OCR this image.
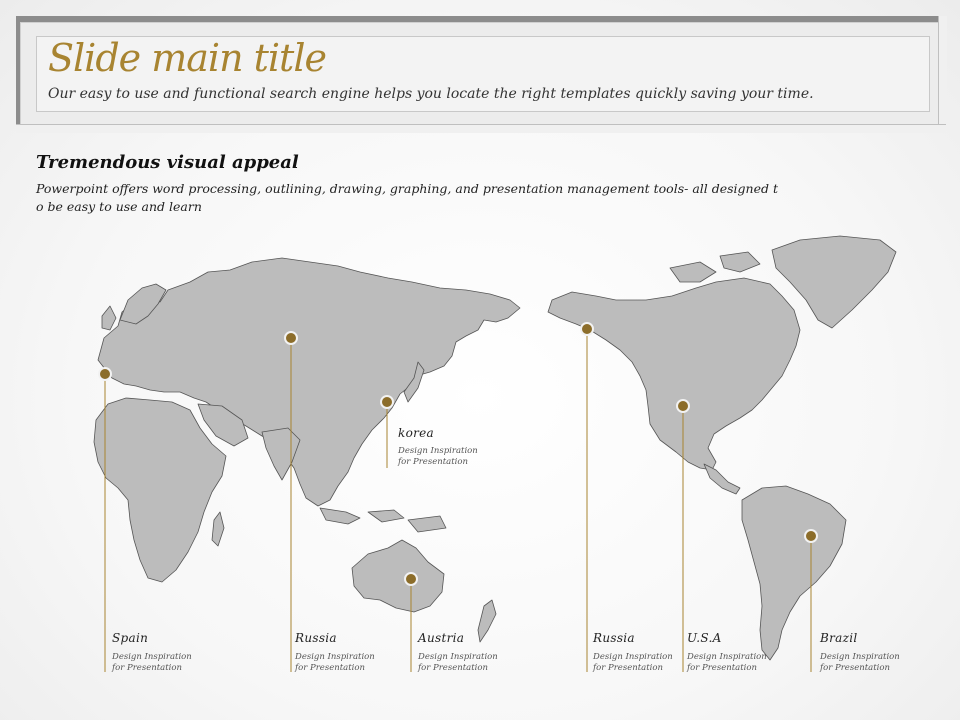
Slide main title
Our easy to use and functional search engine helps you locate the right templates quickly saving your time.
Tremendous visual appeal
Powerpoint offers word processing, outlining, drawing, graphing, and presentation management tools- all designed t
o be easy to use and learn
Spain
Design Inspiration
for Presentation
Russia
Design Inspiration
for Presentation
korea
Design Inspiration
for Presentation
Austria
Design Inspiration
for Presentation
Russia
Design Inspiration
for Presentation
U.S.A
Design Inspiration
for Presentation
Brazil
Design Inspiration
for Presentation
